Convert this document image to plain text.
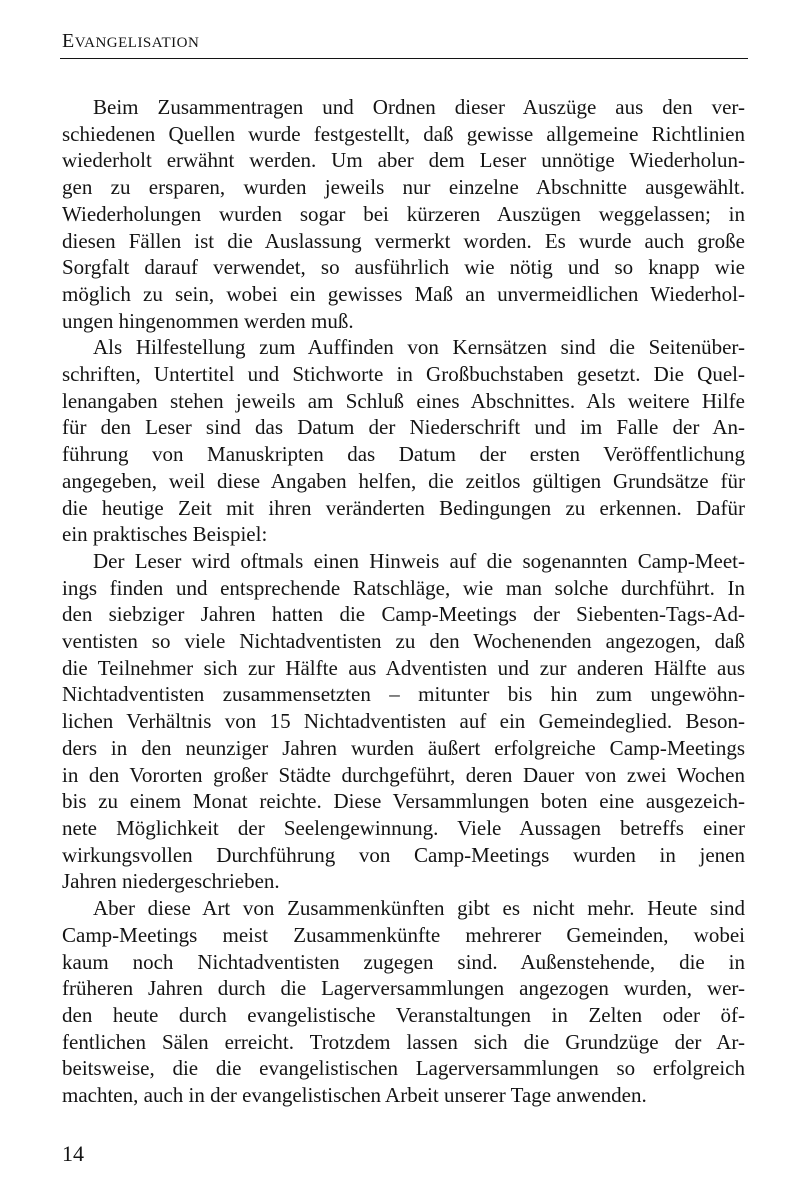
EVANGELISATION
Beim Zusammentragen und Ordnen dieser Auszüge aus den ver-
schiedenen Quellen wurde festgestellt, daß gewisse allgemeine Richtlinien
wiederholt erwähnt werden. Um aber dem Leser unnötige Wiederholun-
gen zu ersparen, wurden jeweils nur einzelne Abschnitte ausgewählt.
Wiederholungen wurden sogar bei kürzeren Auszügen weggelassen; in
diesen Fällen ist die Auslassung vermerkt worden. Es wurde auch große
Sorgfalt darauf verwendet, so ausführlich wie nötig und so knapp wie
möglich zu sein, wobei ein gewisses Maß an unvermeidlichen Wiederhol-
ungen hingenommen werden muß.
Als Hilfestellung zum Auffinden von Kernsätzen sind die Seitenüber-
schriften, Untertitel und Stichworte in Großbuchstaben gesetzt. Die Quel-
lenangaben stehen jeweils am Schluß eines Abschnittes. Als weitere Hilfe
für den Leser sind das Datum der Niederschrift und im Falle der An-
führung von Manuskripten das Datum der ersten Veröffentlichung
angegeben, weil diese Angaben helfen, die zeitlos gültigen Grundsätze für
die heutige Zeit mit ihren veränderten Bedingungen zu erkennen. Dafür
ein praktisches Beispiel:
Der Leser wird oftmals einen Hinweis auf die sogenannten Camp-Meet-
ings finden und entsprechende Ratschläge, wie man solche durchführt. In
den siebziger Jahren hatten die Camp-Meetings der Siebenten-Tags-Ad-
ventisten so viele Nichtadventisten zu den Wochenenden angezogen, daß
die Teilnehmer sich zur Hälfte aus Adventisten und zur anderen Hälfte aus
Nichtadventisten zusammensetzten – mitunter bis hin zum ungewöhn-
lichen Verhältnis von 15 Nichtadventisten auf ein Gemeindeglied. Beson-
ders in den neunziger Jahren wurden äußert erfolgreiche Camp-Meetings
in den Vororten großer Städte durchgeführt, deren Dauer von zwei Wochen
bis zu einem Monat reichte. Diese Versammlungen boten eine ausgezeich-
nete Möglichkeit der Seelengewinnung. Viele Aussagen betreffs einer
wirkungsvollen Durchführung von Camp-Meetings wurden in jenen
Jahren niedergeschrieben.
Aber diese Art von Zusammenkünften gibt es nicht mehr. Heute sind
Camp-Meetings meist Zusammenkünfte mehrerer Gemeinden, wobei
kaum noch Nichtadventisten zugegen sind. Außenstehende, die in
früheren Jahren durch die Lagerversammlungen angezogen wurden, wer-
den heute durch evangelistische Veranstaltungen in Zelten oder öf-
fentlichen Sälen erreicht. Trotzdem lassen sich die Grundzüge der Ar-
beitsweise, die die evangelistischen Lagerversammlungen so erfolgreich
machten, auch in der evangelistischen Arbeit unserer Tage anwenden.
14
